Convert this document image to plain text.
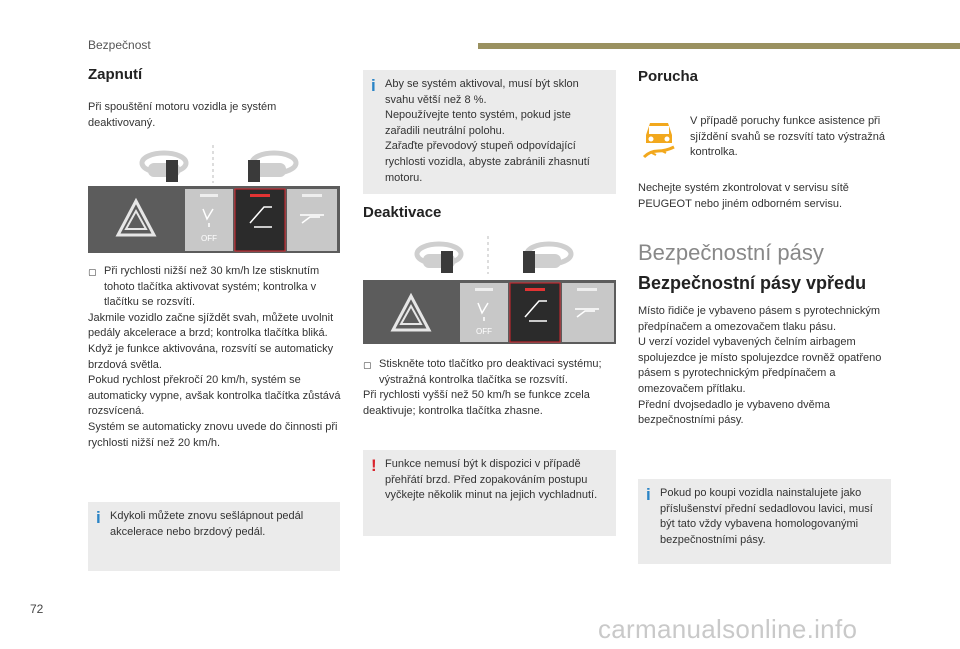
Bezpečnost
Zapnutí
Při spouštění motoru vozidla je systém deaktivovaný.
OFF
▢ Při rychlosti nižší než 30 km/h lze stisknutím tohoto tlačítka aktivovat systém; kontrolka v tlačítku se rozsvítí.

Jakmile vozidlo začne sjíždět svah, můžete uvolnit pedály akcelerace a brzd; kontrolka tlačítka bliká.

Když je funkce aktivována, rozsvítí se automaticky brzdová světla.

Pokud rychlost překročí 20 km/h, systém se automaticky vypne, avšak kontrolka tlačítka zůstává rozsvícená.

Systém se automaticky znovu uvede do činnosti při rychlosti nižší než 20 km/h.

i Kdykoli můžete znovu sešlápnout pedál akcelerace nebo brzdový pedál.
i Aby se systém aktivoval, musí být sklon svahu větší než 8 %.
Nepoužívejte tento systém, pokud jste zařadili neutrální polohu.
Zařaďte převodový stupeň odpovídající rychlosti vozidla, abyste zabránili zhasnutí motoru.
Deaktivace
OFF
▢ Stiskněte toto tlačítko pro deaktivaci systému; výstražná kontrolka tlačítka se rozsvítí.

Při rychlosti vyšší než 50 km/h se funkce zcela deaktivuje; kontrolka tlačítka zhasne.

! Funkce nemusí být k dispozici v případě přehřátí brzd. Před zopakováním postupu vyčkejte několik minut na jejich vychladnutí.
Porucha
V případě poruchy funkce asistence při sjíždění svahů se rozsvítí tato výstražná kontrolka.
Nechejte systém zkontrolovat v servisu sítě PEUGEOT nebo jiném odborném servisu.
Bezpečnostní pásy
Bezpečnostní pásy vpředu

Místo řidiče je vybaveno pásem s pyrotechnickým předpínačem a omezovačem tlaku pásu.

U verzí vozidel vybavených čelním airbagem spolujezdce je místo spolujezdce rovněž opatřeno pásem s pyrotechnickým předpínačem a omezovačem přítlaku.

Přední dvojsedadlo je vybaveno dvěma bezpečnostními pásy.

i Pokud po koupi vozidla nainstalujete jako příslušenství přední sedadlovou lavici, musí být tato vždy vybavena homologovanými bezpečnostními pásy.
72
carmanualsonline.info
